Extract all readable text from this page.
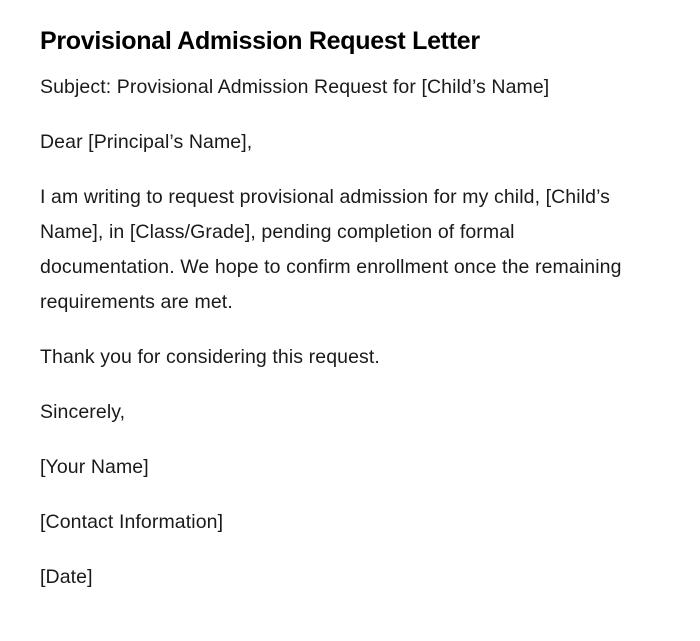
Provisional Admission Request Letter

Subject: Provisional Admission Request for [Child’s Name]

Dear [Principal’s Name],

I am writing to request provisional admission for my child, [Child’s Name], in [Class/Grade], pending completion of formal documentation. We hope to confirm enrollment once the remaining requirements are met.

Thank you for considering this request.

Sincerely,

[Your Name]

[Contact Information]

[Date]
